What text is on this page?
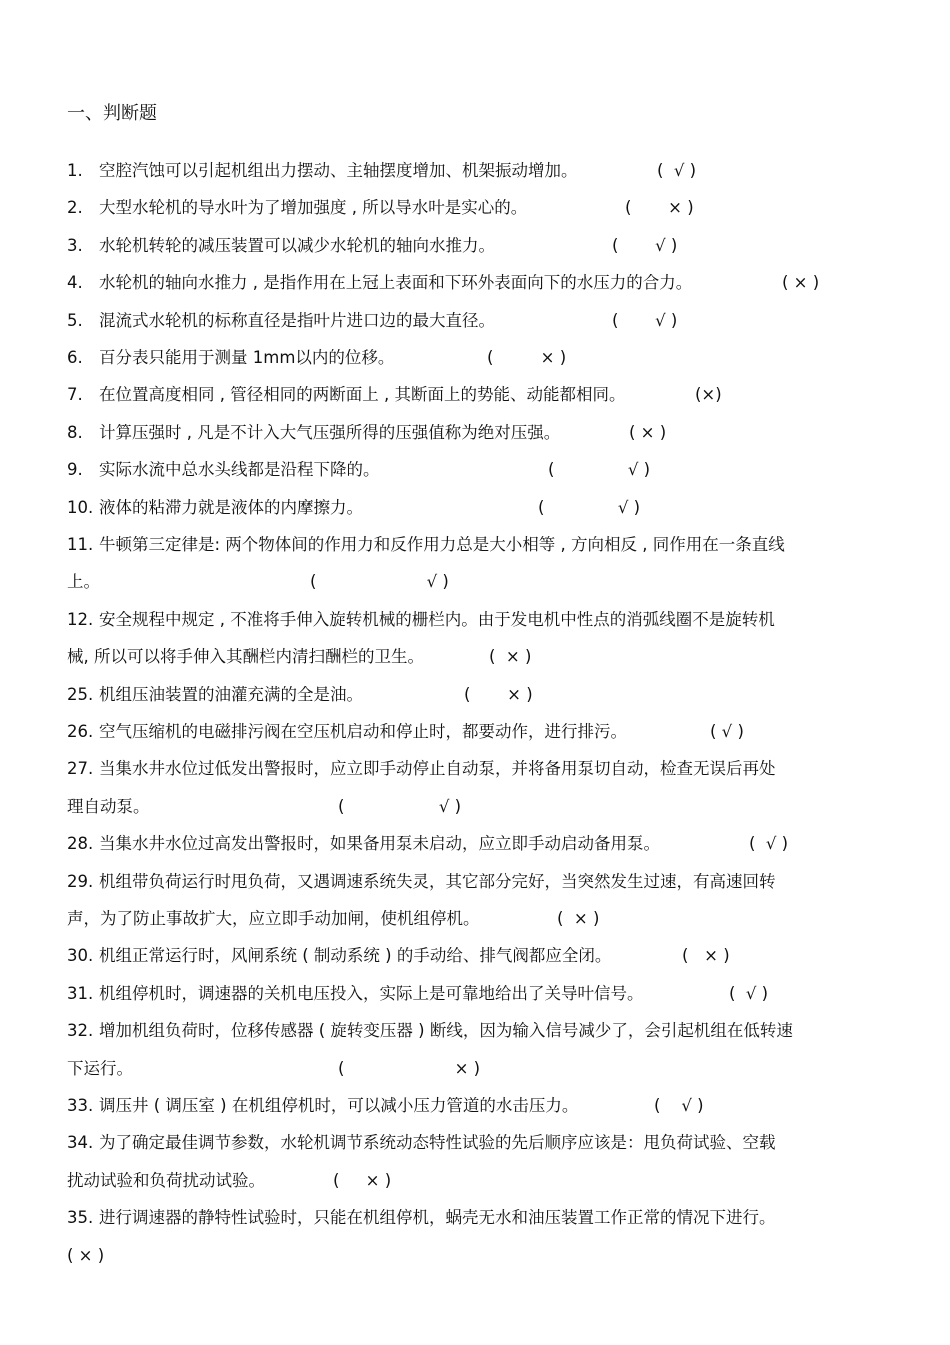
一、判断题
1. 空腔汽蚀可以引起机组出力摆动、主轴摆度增加、机架振动增加。	(  √ )
2. 大型水轮机的导水叶为了增加强度 , 所以导水叶是实心的。	(       × )
3. 水轮机转轮的减压装置可以减少水轮机的轴向水推力。	(       √ )
4. 水轮机的轴向水推力 , 是指作用在上冠上表面和下环外表面向下的水压力的合力。	( × )
5. 混流式水轮机的标称直径是指叶片进口边的最大直径。	(       √ )
6. 百分表只能用于测量 1mm以内的位移。	(         × )
7. 在位置高度相同 , 管径相同的两断面上 , 其断面上的势能、动能都相同。	(×)
8. 计算压强时 , 凡是不计入大气压强所得的压强值称为绝对压强。	( × )
9. 实际水流中总水头线都是沿程下降的。	(              √ )
10. 液体的粘滞力就是液体的内摩擦力。	(              √ )
11. 牛顿第三定律是: 两个物体间的作用力和反作用力总是大小相等 , 方向相反 , 同作用在一条直线
上。	(                     √ )
12. 安全规程中规定 , 不准将手伸入旋转机械的栅栏内。由于发电机中性点的消弧线圈不是旋转机
械, 所以可以将手伸入其酬栏内清扫酬栏的卫生。	(  × )
25. 机组压油装置的油灌充满的全是油。	(       × )
26. 空气压缩机的电磁排污阀在空压机启动和停止时，都要动作，进行排污。	( √ )
27. 当集水井水位过低发出警报时，应立即手动停止自动泵，并将备用泵切自动，检查无误后再处
理自动泵。	(                  √ )
28. 当集水井水位过高发出警报时，如果备用泵未启动，应立即手动启动备用泵。	(  √ )
29. 机组带负荷运行时甩负荷，又遇调速系统失灵，其它部分完好，当突然发生过速，有高速回转
声，为了防止事故扩大，应立即手动加闸，使机组停机。	(  × )
30. 机组正常运行时，风闸系统 ( 制动系统 ) 的手动给、排气阀都应全闭。	(   × )
31. 机组停机时，调速器的关机电压投入，实际上是可靠地给出了关导叶信号。	(  √ )
32. 增加机组负荷时，位移传感器 ( 旋转变压器 ) 断线，因为输入信号减少了，会引起机组在低转速
下运行。	(                     × )
33. 调压井 ( 调压室 ) 在机组停机时，可以减小压力管道的水击压力。	(    √ )
34. 为了确定最佳调节参数，水轮机调节系统动态特性试验的先后顺序应该是：甩负荷试验、空载
扰动试验和负荷扰动试验。	(     × )
35. 进行调速器的静特性试验时，只能在机组停机，蜗壳无水和油压装置工作正常的情况下进行。
( × )
